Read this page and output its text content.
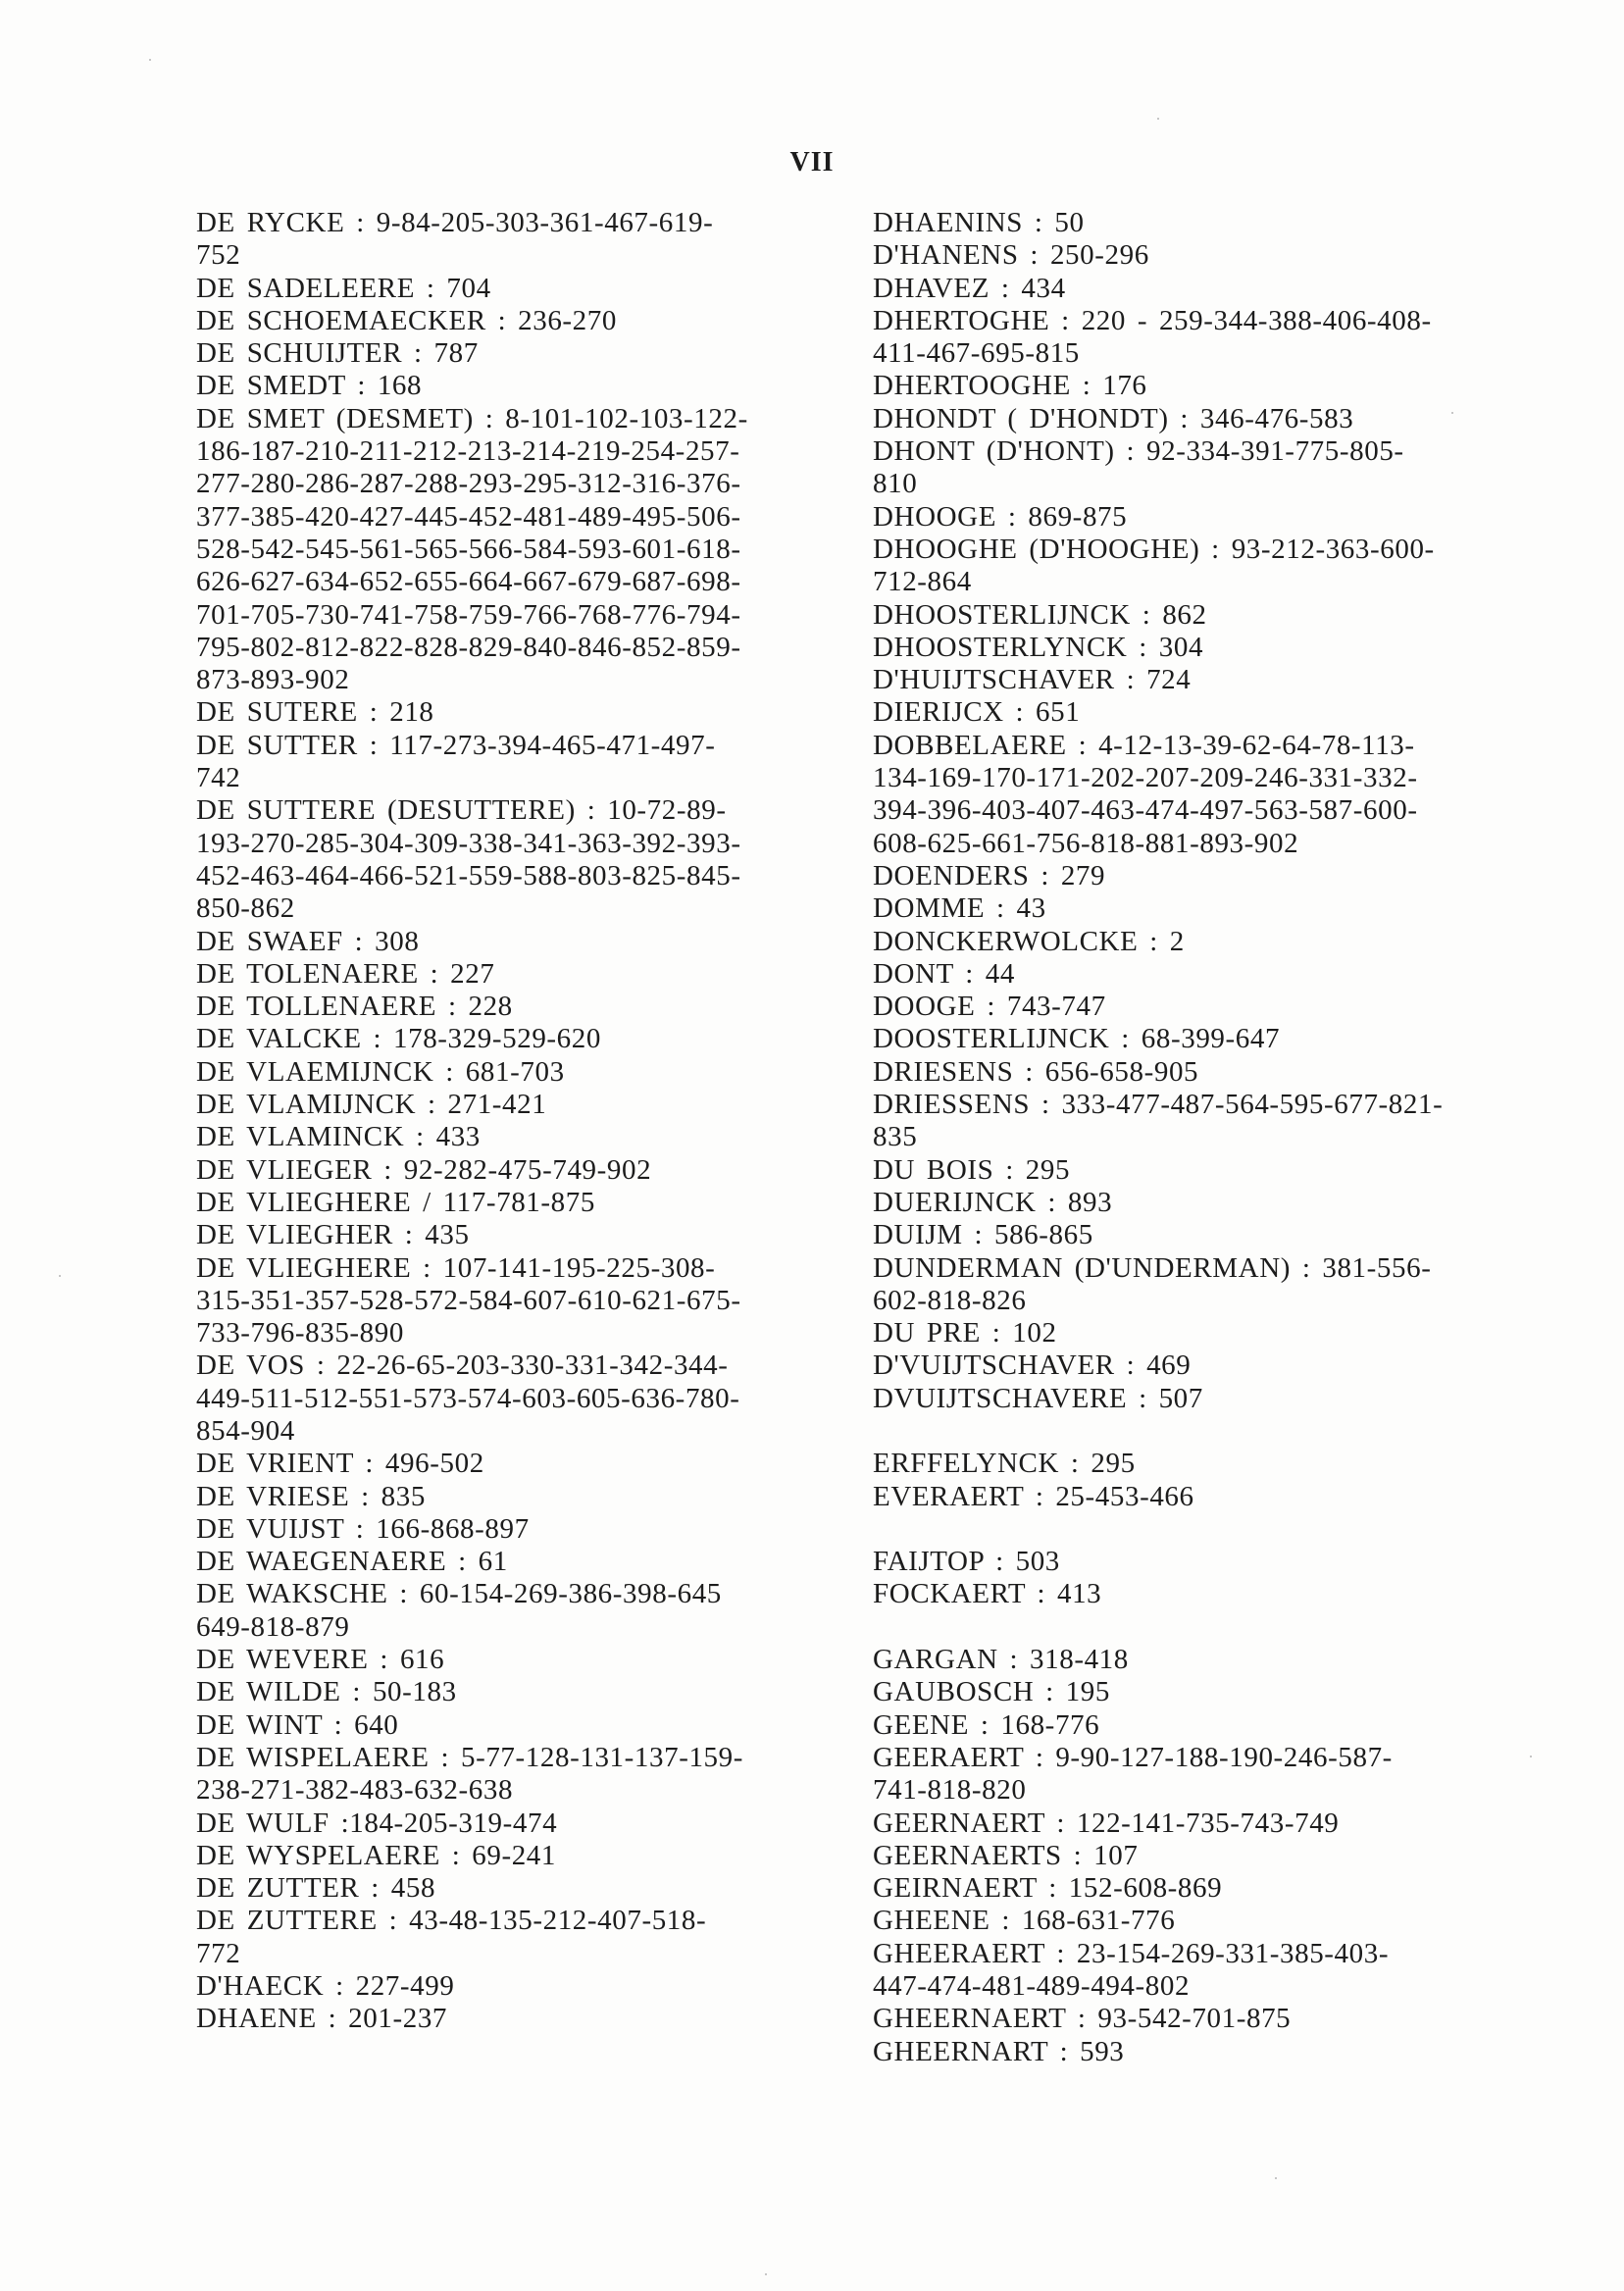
VII
DE RYCKE : 9-84-205-303-361-467-619-
752
DE SADELEERE : 704
DE SCHOEMAECKER : 236-270
DE SCHUIJTER : 787
DE SMEDT : 168
DE SMET (DESMET) : 8-101-102-103-122-
186-187-210-211-212-213-214-219-254-257-
277-280-286-287-288-293-295-312-316-376-
377-385-420-427-445-452-481-489-495-506-
528-542-545-561-565-566-584-593-601-618-
626-627-634-652-655-664-667-679-687-698-
701-705-730-741-758-759-766-768-776-794-
795-802-812-822-828-829-840-846-852-859-
873-893-902
DE SUTERE : 218
DE SUTTER : 117-273-394-465-471-497-
742
DE SUTTERE (DESUTTERE) : 10-72-89-
193-270-285-304-309-338-341-363-392-393-
452-463-464-466-521-559-588-803-825-845-
850-862
DE SWAEF : 308
DE TOLENAERE : 227
DE TOLLENAERE : 228
DE VALCKE : 178-329-529-620
DE VLAEMIJNCK : 681-703
DE VLAMIJNCK : 271-421
DE VLAMINCK : 433
DE VLIEGER : 92-282-475-749-902
DE VLIEGHERE / 117-781-875
DE VLIEGHER : 435
DE VLIEGHERE : 107-141-195-225-308-
315-351-357-528-572-584-607-610-621-675-
733-796-835-890
DE VOS : 22-26-65-203-330-331-342-344-
449-511-512-551-573-574-603-605-636-780-
854-904
DE VRIENT : 496-502
DE VRIESE : 835
DE VUIJST : 166-868-897
DE WAEGENAERE : 61
DE WAKSCHE : 60-154-269-386-398-645
649-818-879
DE WEVERE : 616
DE WILDE : 50-183
DE WINT : 640
DE WISPELAERE : 5-77-128-131-137-159-
238-271-382-483-632-638
DE WULF :184-205-319-474
DE WYSPELAERE : 69-241
DE ZUTTER : 458
DE ZUTTERE : 43-48-135-212-407-518-
772
D'HAECK : 227-499
DHAENE : 201-237
DHAENINS : 50
D'HANENS : 250-296
DHAVEZ : 434
DHERTOGHE : 220 - 259-344-388-406-408-
411-467-695-815
DHERTOOGHE : 176
DHONDT ( D'HONDT) : 346-476-583
DHONT (D'HONT) : 92-334-391-775-805-
810
DHOOGE : 869-875
DHOOGHE (D'HOOGHE) : 93-212-363-600-
712-864
DHOOSTERLIJNCK : 862
DHOOSTERLYNCK : 304
D'HUIJTSCHAVER : 724
DIERIJCX : 651
DOBBELAERE : 4-12-13-39-62-64-78-113-
134-169-170-171-202-207-209-246-331-332-
394-396-403-407-463-474-497-563-587-600-
608-625-661-756-818-881-893-902
DOENDERS : 279
DOMME : 43
DONCKERWOLCKE : 2
DONT : 44
DOOGE : 743-747
DOOSTERLIJNCK : 68-399-647
DRIESENS : 656-658-905
DRIESSENS : 333-477-487-564-595-677-821-
835
DU BOIS : 295
DUERIJNCK : 893
DUIJM : 586-865
DUNDERMAN (D'UNDERMAN) : 381-556-
602-818-826
DU PRE : 102
D'VUIJTSCHAVER : 469
DVUIJTSCHAVERE : 507
ERFFELYNCK : 295
EVERAERT : 25-453-466
FAIJTOP : 503
FOCKAERT : 413
GARGAN : 318-418
GAUBOSCH : 195
GEENE : 168-776
GEERAERT : 9-90-127-188-190-246-587-
741-818-820
GEERNAERT : 122-141-735-743-749
GEERNAERTS : 107
GEIRNAERT : 152-608-869
GHEENE : 168-631-776
GHEERAERT : 23-154-269-331-385-403-
447-474-481-489-494-802
GHEERNAERT : 93-542-701-875
GHEERNART : 593
